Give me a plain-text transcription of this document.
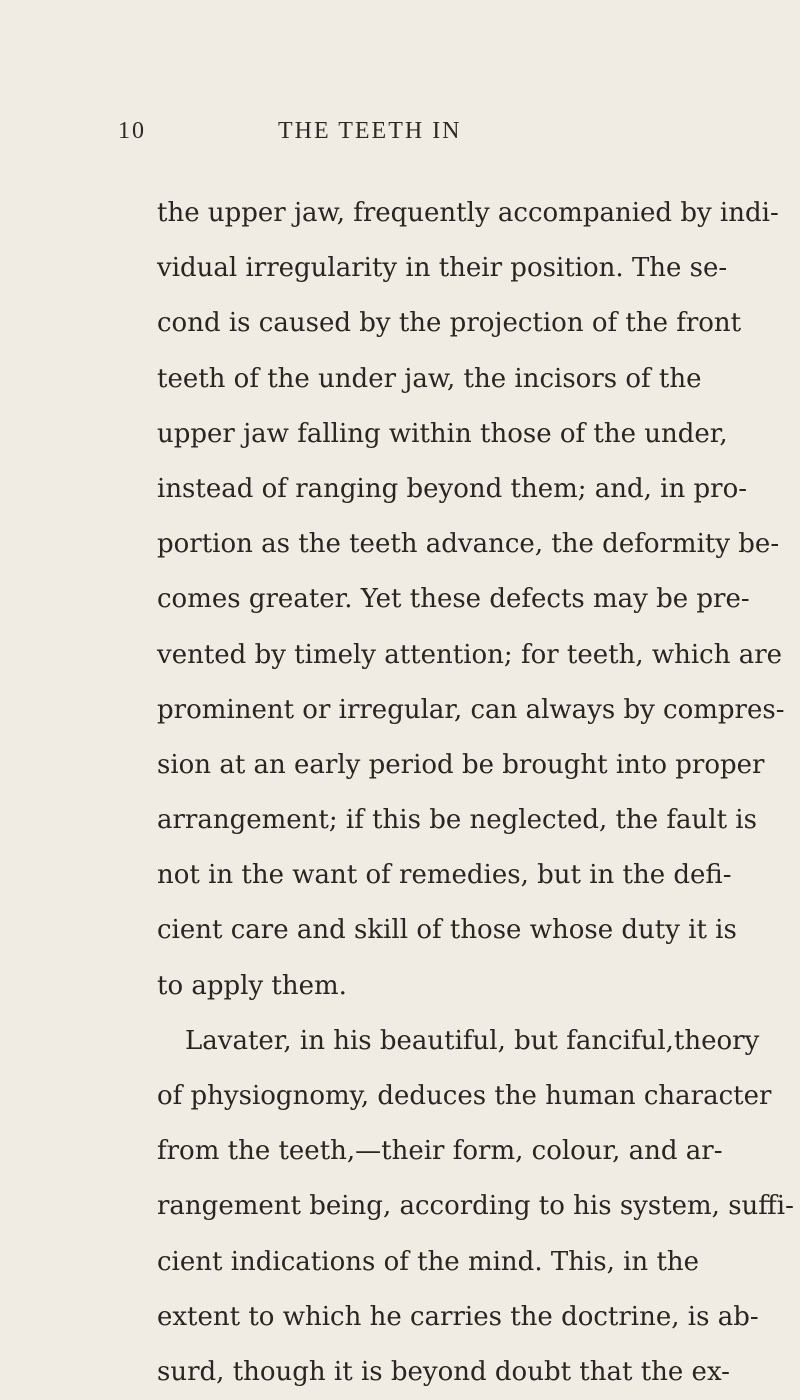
10	THE TEETH IN
the upper jaw, frequently accompanied by indi-
vidual irregularity in their position. The se-
cond is caused by the projection of the front
teeth of the under jaw, the incisors of the
upper jaw falling within those of the under,
instead of ranging beyond them; and, in pro-
portion as the teeth advance, the deformity be-
comes greater. Yet these defects may be pre-
vented by timely attention; for teeth, which are
prominent or irregular, can always by compres-
sion at an early period be brought into proper
arrangement; if this be neglected, the fault is
not in the want of remedies, but in the defi-
cient care and skill of those whose duty it is
to apply them.
Lavater, in his beautiful, but fanciful,theory
of physiognomy, deduces the human character
from the teeth,—their form, colour, and ar-
rangement being, according to his system, suffi-
cient indications of the mind. This, in the
extent to which he carries the doctrine, is ab-
surd, though it is beyond doubt that the ex-
